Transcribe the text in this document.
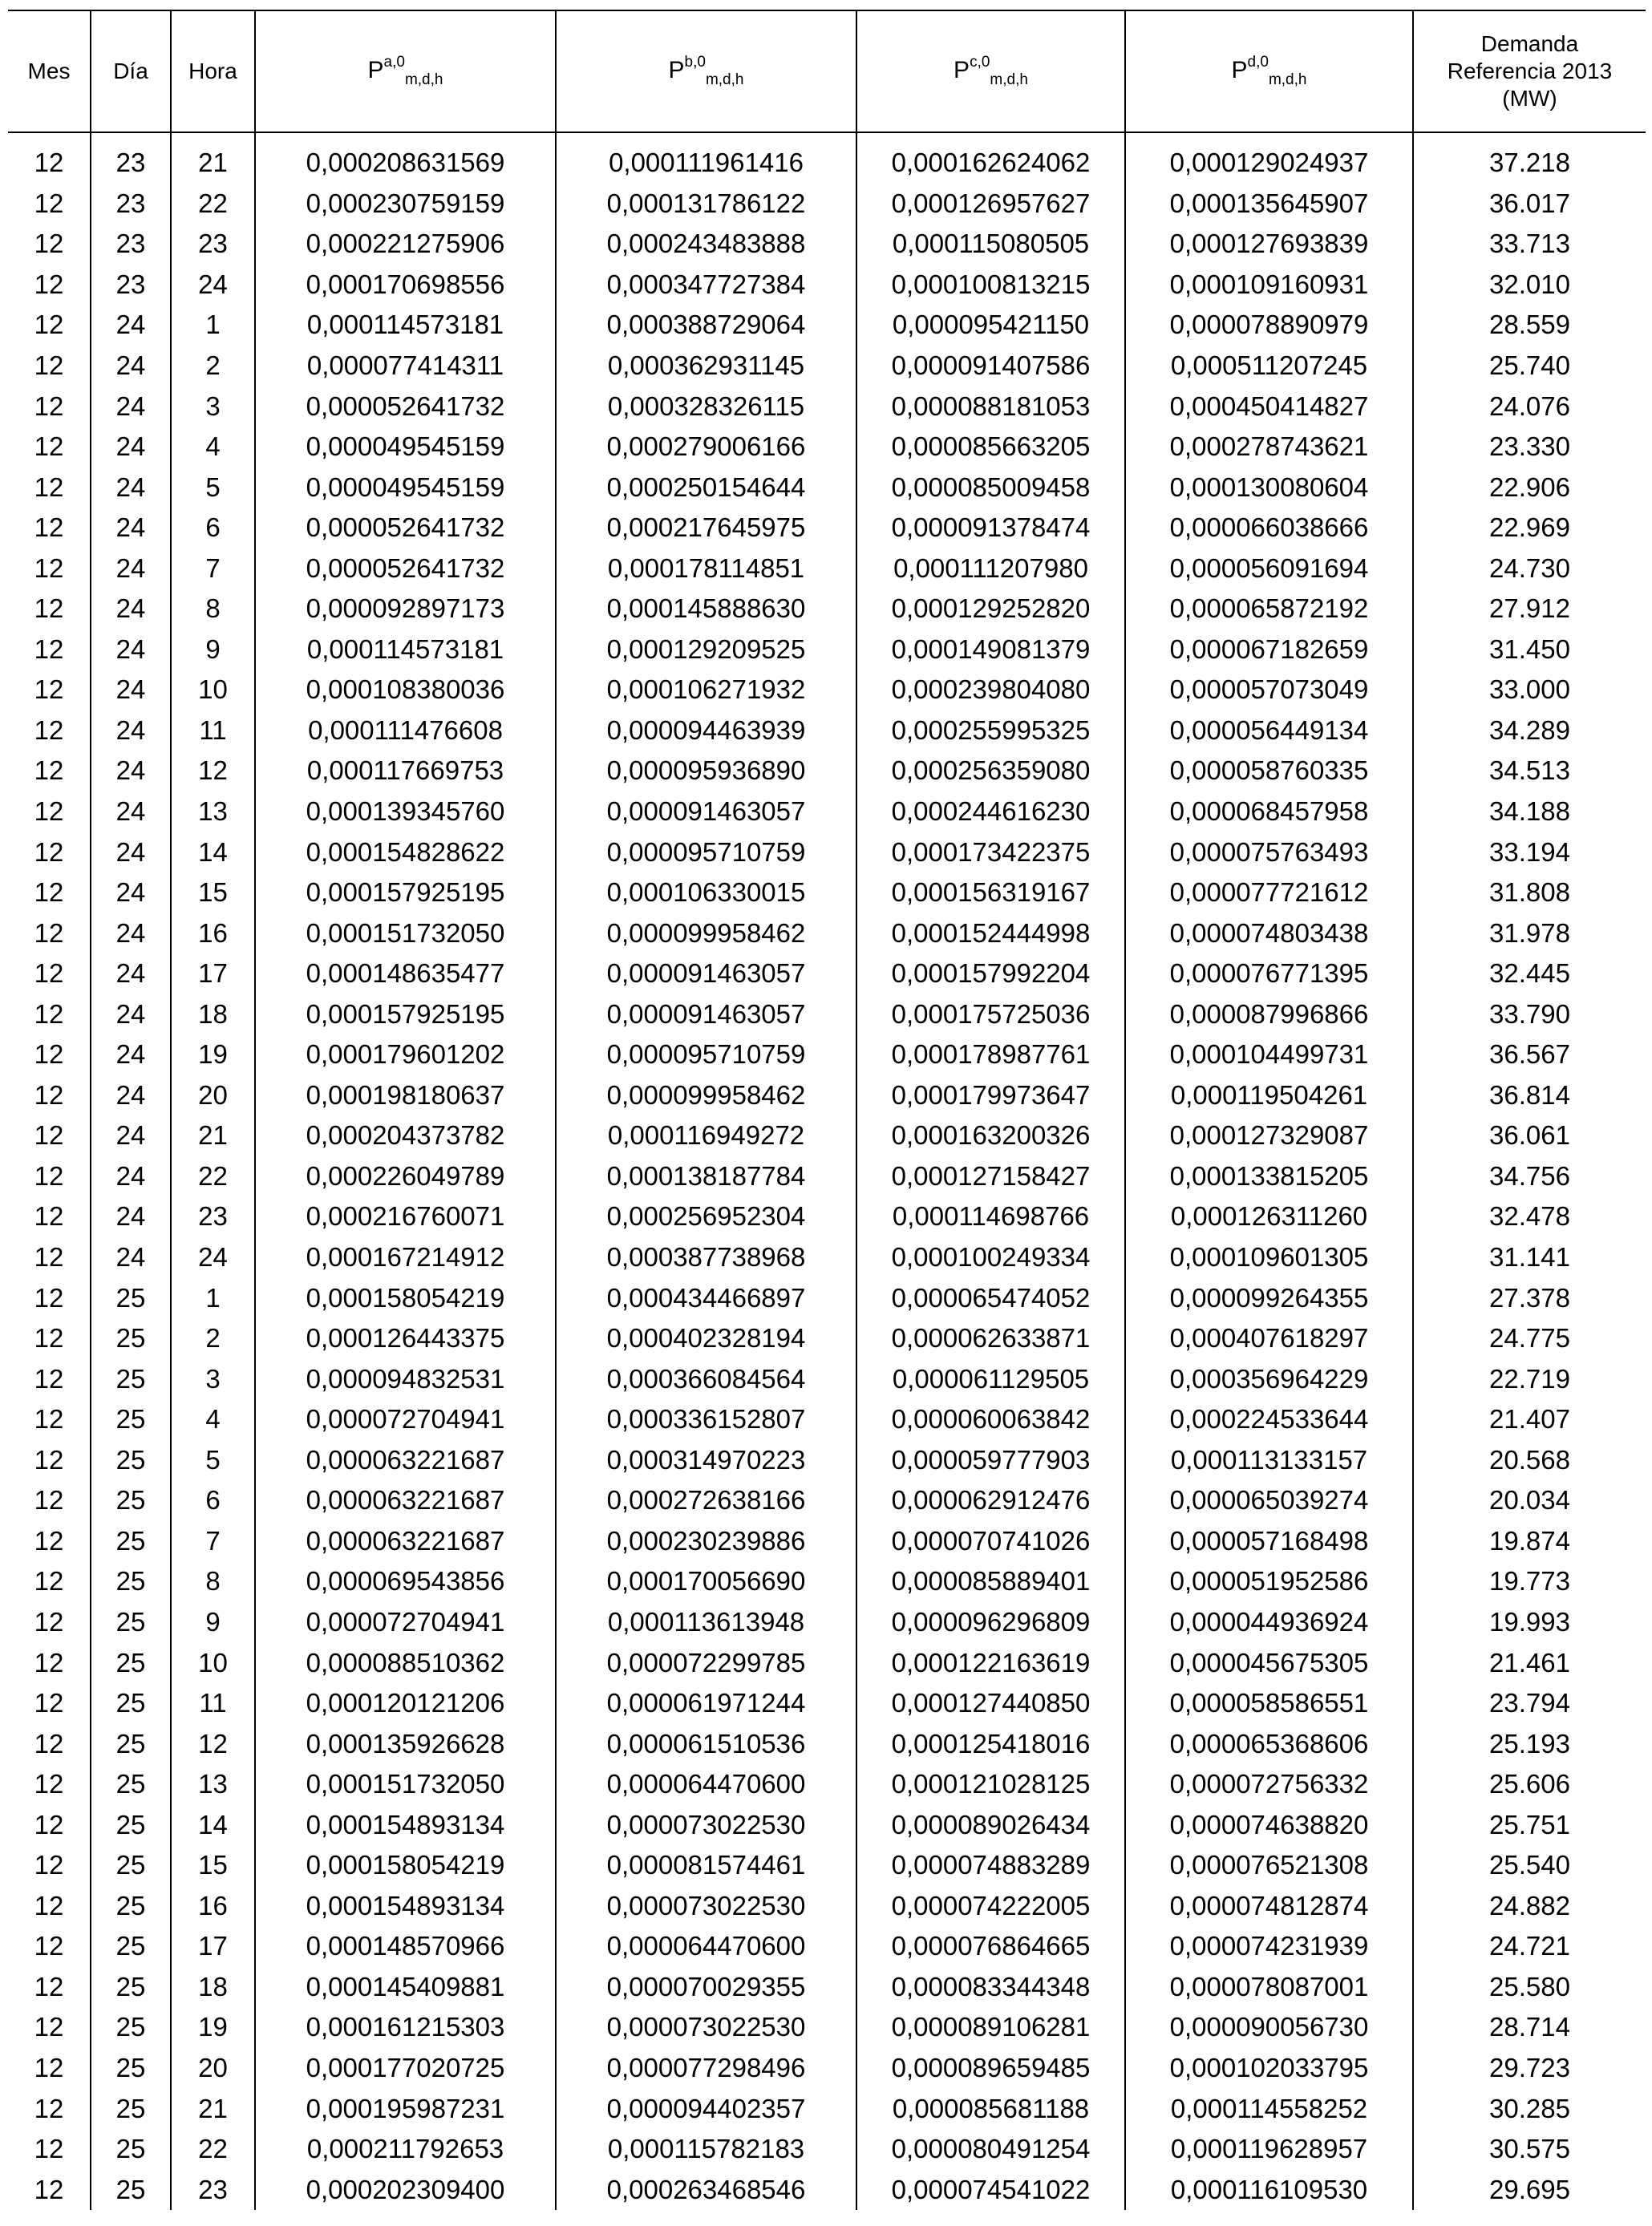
Mes	Día	Hora	P$^{a,0}_{m,d,h}$	P$^{b,0}_{m,d,h}$	P$^{c,0}_{m,d,h}$	P$^{d,0}_{m,d,h}$	Demanda
Referencia 2013
(MW)
12	23	21	0,000208631569	0,000111961416	0,000162624062	0,000129024937	37.218
12	23	22	0,000230759159	0,000131786122	0,000126957627	0,000135645907	36.017
12	23	23	0,000221275906	0,000243483888	0,000115080505	0,000127693839	33.713
12	23	24	0,000170698556	0,000347727384	0,000100813215	0,000109160931	32.010
12	24	1	0,000114573181	0,000388729064	0,000095421150	0,000078890979	28.559
12	24	2	0,000077414311	0,000362931145	0,000091407586	0,000511207245	25.740
12	24	3	0,000052641732	0,000328326115	0,000088181053	0,000450414827	24.076
12	24	4	0,000049545159	0,000279006166	0,000085663205	0,000278743621	23.330
12	24	5	0,000049545159	0,000250154644	0,000085009458	0,000130080604	22.906
12	24	6	0,000052641732	0,000217645975	0,000091378474	0,000066038666	22.969
12	24	7	0,000052641732	0,000178114851	0,000111207980	0,000056091694	24.730
12	24	8	0,000092897173	0,000145888630	0,000129252820	0,000065872192	27.912
12	24	9	0,000114573181	0,000129209525	0,000149081379	0,000067182659	31.450
12	24	10	0,000108380036	0,000106271932	0,000239804080	0,000057073049	33.000
12	24	11	0,000111476608	0,000094463939	0,000255995325	0,000056449134	34.289
12	24	12	0,000117669753	0,000095936890	0,000256359080	0,000058760335	34.513
12	24	13	0,000139345760	0,000091463057	0,000244616230	0,000068457958	34.188
12	24	14	0,000154828622	0,000095710759	0,000173422375	0,000075763493	33.194
12	24	15	0,000157925195	0,000106330015	0,000156319167	0,000077721612	31.808
12	24	16	0,000151732050	0,000099958462	0,000152444998	0,000074803438	31.978
12	24	17	0,000148635477	0,000091463057	0,000157992204	0,000076771395	32.445
12	24	18	0,000157925195	0,000091463057	0,000175725036	0,000087996866	33.790
12	24	19	0,000179601202	0,000095710759	0,000178987761	0,000104499731	36.567
12	24	20	0,000198180637	0,000099958462	0,000179973647	0,000119504261	36.814
12	24	21	0,000204373782	0,000116949272	0,000163200326	0,000127329087	36.061
12	24	22	0,000226049789	0,000138187784	0,000127158427	0,000133815205	34.756
12	24	23	0,000216760071	0,000256952304	0,000114698766	0,000126311260	32.478
12	24	24	0,000167214912	0,000387738968	0,000100249334	0,000109601305	31.141
12	25	1	0,000158054219	0,000434466897	0,000065474052	0,000099264355	27.378
12	25	2	0,000126443375	0,000402328194	0,000062633871	0,000407618297	24.775
12	25	3	0,000094832531	0,000366084564	0,000061129505	0,000356964229	22.719
12	25	4	0,000072704941	0,000336152807	0,000060063842	0,000224533644	21.407
12	25	5	0,000063221687	0,000314970223	0,000059777903	0,000113133157	20.568
12	25	6	0,000063221687	0,000272638166	0,000062912476	0,000065039274	20.034
12	25	7	0,000063221687	0,000230239886	0,000070741026	0,000057168498	19.874
12	25	8	0,000069543856	0,000170056690	0,000085889401	0,000051952586	19.773
12	25	9	0,000072704941	0,000113613948	0,000096296809	0,000044936924	19.993
12	25	10	0,000088510362	0,000072299785	0,000122163619	0,000045675305	21.461
12	25	11	0,000120121206	0,000061971244	0,000127440850	0,000058586551	23.794
12	25	12	0,000135926628	0,000061510536	0,000125418016	0,000065368606	25.193
12	25	13	0,000151732050	0,000064470600	0,000121028125	0,000072756332	25.606
12	25	14	0,000154893134	0,000073022530	0,000089026434	0,000074638820	25.751
12	25	15	0,000158054219	0,000081574461	0,000074883289	0,000076521308	25.540
12	25	16	0,000154893134	0,000073022530	0,000074222005	0,000074812874	24.882
12	25	17	0,000148570966	0,000064470600	0,000076864665	0,000074231939	24.721
12	25	18	0,000145409881	0,000070029355	0,000083344348	0,000078087001	25.580
12	25	19	0,000161215303	0,000073022530	0,000089106281	0,000090056730	28.714
12	25	20	0,000177020725	0,000077298496	0,000089659485	0,000102033795	29.723
12	25	21	0,000195987231	0,000094402357	0,000085681188	0,000114558252	30.285
12	25	22	0,000211792653	0,000115782183	0,000080491254	0,000119628957	30.575
12	25	23	0,000202309400	0,000263468546	0,000074541022	0,000116109530	29.695
